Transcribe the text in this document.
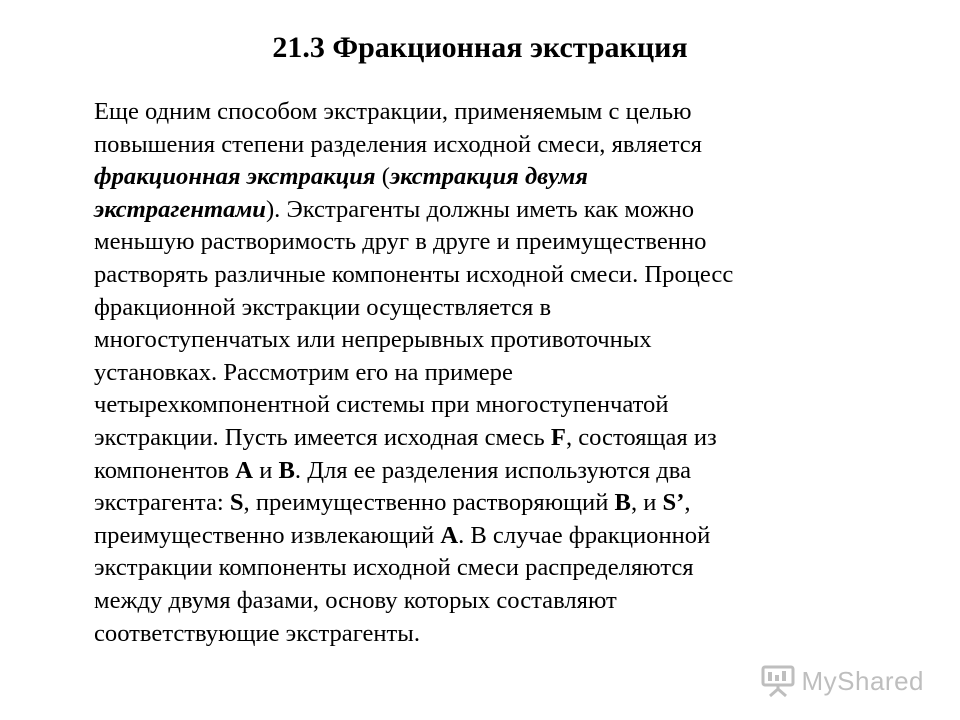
21.3 Фракционная экстракция
Еще одним способом экстракции, применяемым с целью
повышения степени разделения исходной смеси, является
фракционная экстракция (экстракция двумя
экстрагентами). Экстрагенты должны иметь как можно
меньшую растворимость друг в друге и преимущественно
растворять различные компоненты исходной смеси. Процесс
фракционной экстракции осуществляется в
многоступенчатых или непрерывных противоточных
установках. Рассмотрим его на примере
четырехкомпонентной системы при многоступенчатой
экстракции. Пусть имеется исходная смесь F, состоящая из
компонентов A и B. Для ее разделения используются два
экстрагента: S, преимущественно растворяющий B, и S’,
преимущественно извлекающий A. В случае фракционной
экстракции компоненты исходной смеси распределяются
между двумя фазами, основу которых составляют
соответствующие экстрагенты.
MyShared
